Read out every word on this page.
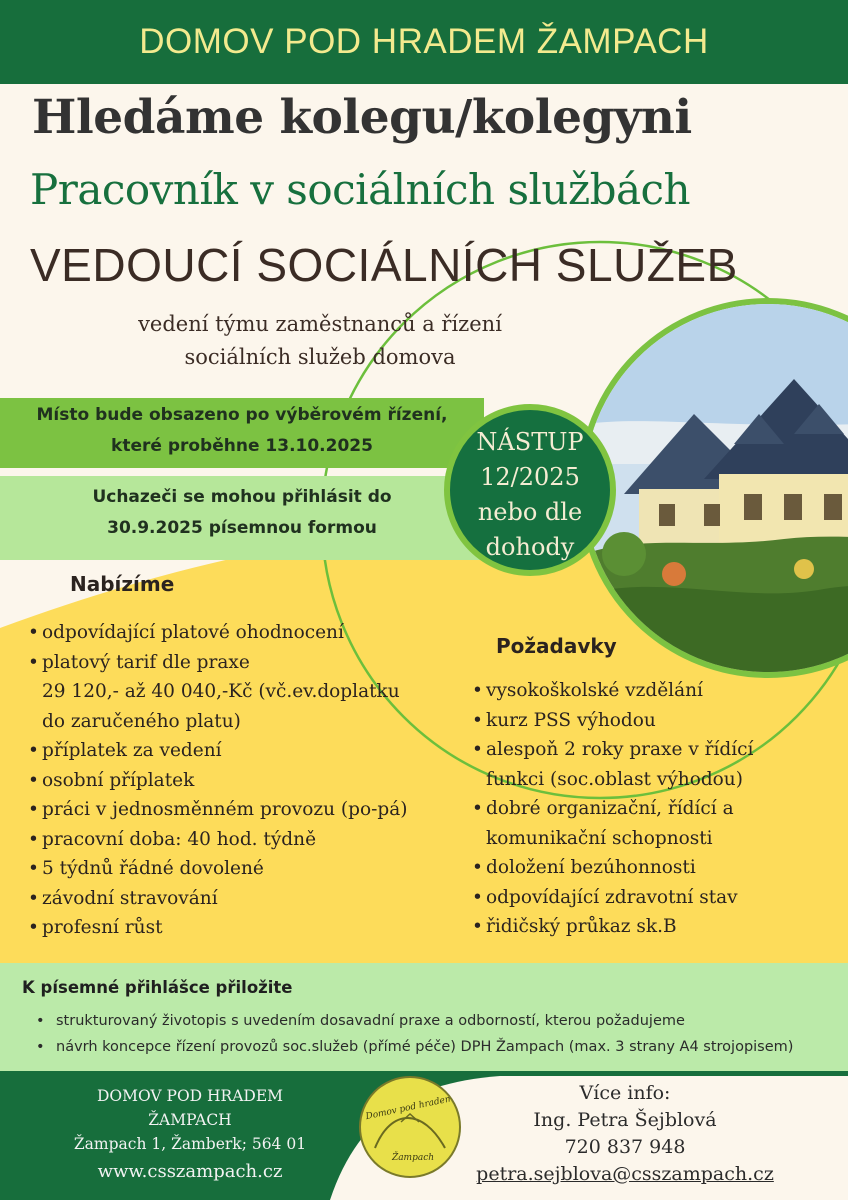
DOMOV POD HRADEM ŽAMPACH
Hledáme kolegu/kolegyni
Pracovník v sociálních službách
VEDOUCÍ SOCIÁLNÍCH SLUŽEB
vedení týmu zaměstnanců a řízení
sociálních služeb domova
Místo bude obsazeno po výběrovém řízení,
které proběhne 13.10.2025
Uchazeči se mohou přihlásit do
30.9.2025 písemnou formou
NÁSTUP
12/2025
nebo dle
dohody
Nabízíme
• odpovídající platové ohodnocení
• platový tarif dle praxe
29 120,- až 40 040,-Kč (vč.ev.doplatku
do zaručeného platu)
• příplatek za vedení
• osobní příplatek
• práci v jednosměnném provozu (po-pá)
• pracovní doba: 40 hod. týdně
• 5 týdnů řádné dovolené
• závodní stravování
• profesní růst
Požadavky
• vysokoškolské vzdělání
• kurz PSS výhodou
• alespoň 2 roky praxe v řídící
funkci (soc.oblast výhodou)
• dobré organizační, řídící a
komunikační schopnosti
• doložení bezúhonnosti
• odpovídající zdravotní stav
• řidičský průkaz sk.B
K písemné přihlášce přiložite
• strukturovaný životopis s uvedením dosavadní praxe a odborností, kterou požadujeme
• návrh koncepce řízení provozů soc.služeb (přímé péče) DPH Žampach (max. 3 strany A4 strojopisem)
DOMOV POD HRADEM
ŽAMPACH
Žampach 1, Žamberk; 564 01
www.csszampach.cz
Domov pod hradem
Žampach
Více info:
Ing. Petra Šejblová
720 837 948
petra.sejblova@csszampach.cz
